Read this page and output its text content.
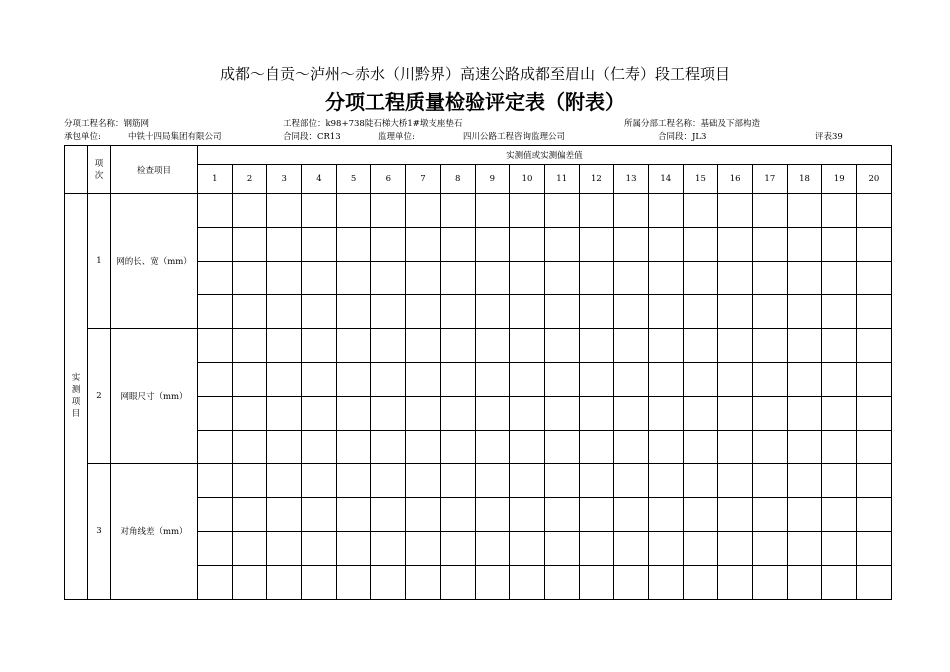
成都～自贡～泸州～赤水（川黔界）高速公路成都至眉山（仁寿）段工程项目
分项工程质量检验评定表（附表）
分项工程名称：钢筋网	工程部位：k98+738陡石梯大桥1#墩支座垫石	所属分部工程名称：基础及下部构造
承包单位:	中铁十四局集团有限公司	合同段：CR13	监理单位:	四川公路工程咨询监理公司	合同段：JL3	评表39

	项次	检查项目	实测值或实测偏差值																			
			1	2	3	4	5	6	7	8	9	10	11	12	13	14	15	16	17	18	19	20

实测项目	1	网的长、宽（mm）																				

	2	网眼尺寸（mm）																				

	3	对角线差（mm）																				
